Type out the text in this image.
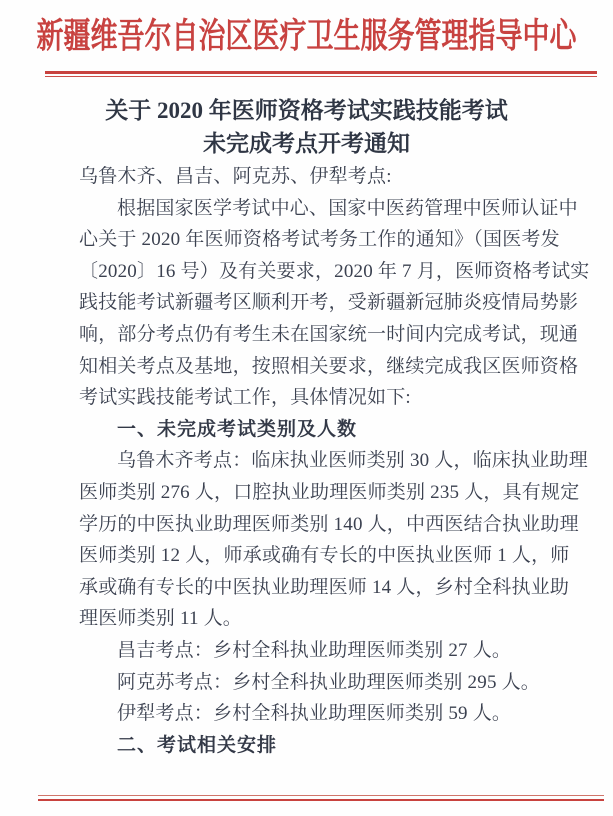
新疆维吾尔自治区医疗卫生服务管理指导中心
关于 2020 年医师资格考试实践技能考试
未完成考点开考通知
乌鲁木齐、昌吉、阿克苏、伊犁考点:
根据国家医学考试中心、国家中医药管理中医师认证中
心关于 2020 年医师资格考试考务工作的通知》（国医考发
〔2020〕16 号）及有关要求，2020 年 7 月，医师资格考试实
践技能考试新疆考区顺利开考，受新疆新冠肺炎疫情局势影
响，部分考点仍有考生未在国家统一时间内完成考试，现通
知相关考点及基地，按照相关要求，继续完成我区医师资格
考试实践技能考试工作，具体情况如下:
一、未完成考试类别及人数
乌鲁木齐考点：临床执业医师类别 30 人，临床执业助理
医师类别 276 人，口腔执业助理医师类别 235 人，具有规定
学历的中医执业助理医师类别 140 人，中西医结合执业助理
医师类别 12 人，师承或确有专长的中医执业医师 1 人，师
承或确有专长的中医执业助理医师 14 人，乡村全科执业助
理医师类别 11 人。
昌吉考点：乡村全科执业助理医师类别 27 人。
阿克苏考点：乡村全科执业助理医师类别 295 人。
伊犁考点：乡村全科执业助理医师类别 59 人。
二、考试相关安排
